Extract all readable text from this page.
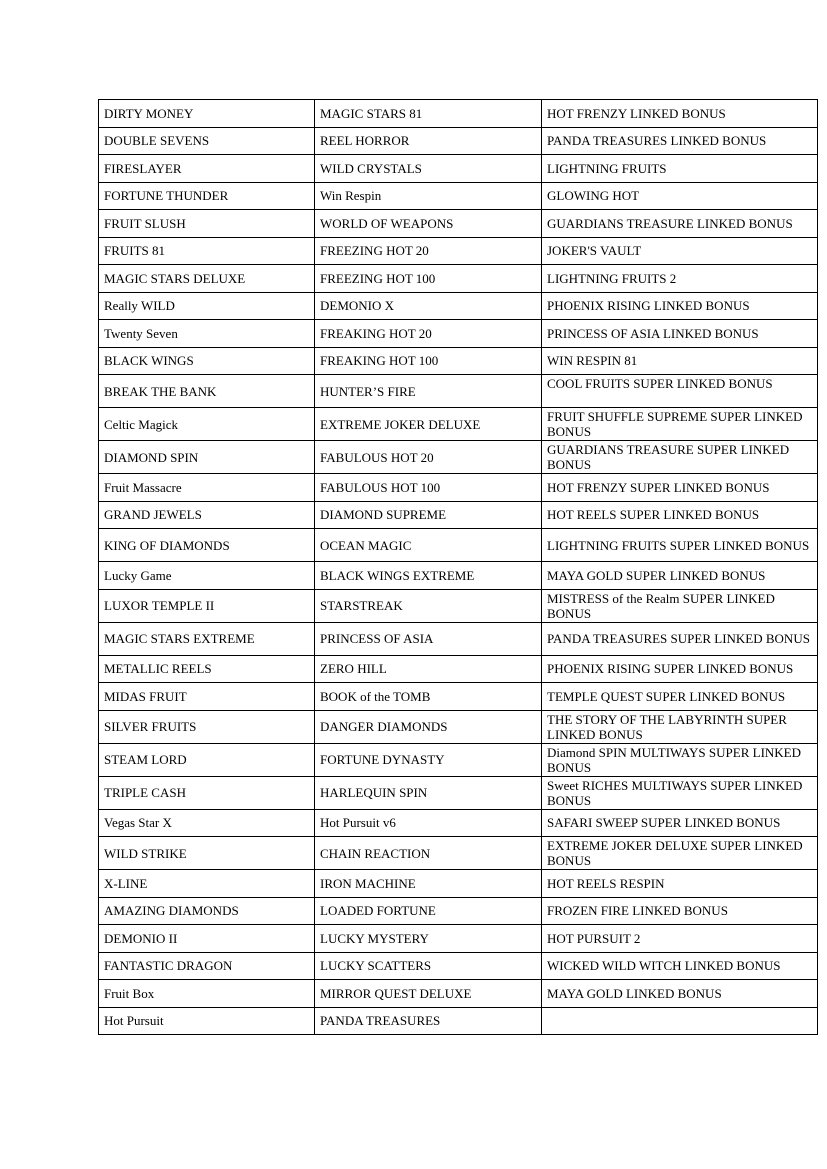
DIRTY MONEY	MAGIC STARS 81	HOT FRENZY LINKED BONUS
DOUBLE SEVENS	REEL HORROR	PANDA TREASURES LINKED BONUS
FIRESLAYER	WILD CRYSTALS	LIGHTNING FRUITS
FORTUNE THUNDER	Win Respin	GLOWING HOT
FRUIT SLUSH	WORLD OF WEAPONS	GUARDIANS TREASURE LINKED BONUS
FRUITS 81	FREEZING HOT 20	JOKER'S VAULT
MAGIC STARS DELUXE	FREEZING HOT 100	LIGHTNING FRUITS 2
Really WILD	DEMONIO X	PHOENIX RISING LINKED BONUS
Twenty Seven	FREAKING HOT 20	PRINCESS OF ASIA LINKED BONUS
BLACK WINGS	FREAKING HOT 100	WIN RESPIN 81
BREAK THE BANK	HUNTER’S FIRE	COOL FRUITS SUPER LINKED BONUS
Celtic Magick	EXTREME JOKER DELUXE	FRUIT SHUFFLE SUPREME SUPER LINKED BONUS
DIAMOND SPIN	FABULOUS HOT 20	GUARDIANS TREASURE SUPER LINKED BONUS
Fruit Massacre	FABULOUS HOT 100	HOT FRENZY SUPER LINKED BONUS
GRAND JEWELS	DIAMOND SUPREME	HOT REELS SUPER LINKED BONUS
KING OF DIAMONDS	OCEAN MAGIC	LIGHTNING FRUITS SUPER LINKED BONUS
Lucky Game	BLACK WINGS EXTREME	MAYA GOLD SUPER LINKED BONUS
LUXOR TEMPLE II	STARSTREAK	MISTRESS of the Realm SUPER LINKED BONUS
MAGIC STARS EXTREME	PRINCESS OF ASIA	PANDA TREASURES SUPER LINKED BONUS
METALLIC REELS	ZERO HILL	PHOENIX RISING SUPER LINKED BONUS
MIDAS FRUIT	BOOK of the TOMB	TEMPLE QUEST SUPER LINKED BONUS
SILVER FRUITS	DANGER DIAMONDS	THE STORY OF THE LABYRINTH SUPER LINKED BONUS
STEAM LORD	FORTUNE DYNASTY	Diamond SPIN MULTIWAYS SUPER LINKED BONUS
TRIPLE CASH	HARLEQUIN SPIN	Sweet RICHES MULTIWAYS SUPER LINKED BONUS
Vegas Star X	Hot Pursuit v6	SAFARI SWEEP SUPER LINKED BONUS
WILD STRIKE	CHAIN REACTION	EXTREME JOKER DELUXE SUPER LINKED BONUS
X-LINE	IRON MACHINE	HOT REELS RESPIN
AMAZING DIAMONDS	LOADED FORTUNE	FROZEN FIRE LINKED BONUS
DEMONIO II	LUCKY MYSTERY	HOT PURSUIT 2
FANTASTIC DRAGON	LUCKY SCATTERS	WICKED WILD WITCH LINKED BONUS
Fruit Box	MIRROR QUEST DELUXE	MAYA GOLD LINKED BONUS
Hot Pursuit	PANDA TREASURES	
